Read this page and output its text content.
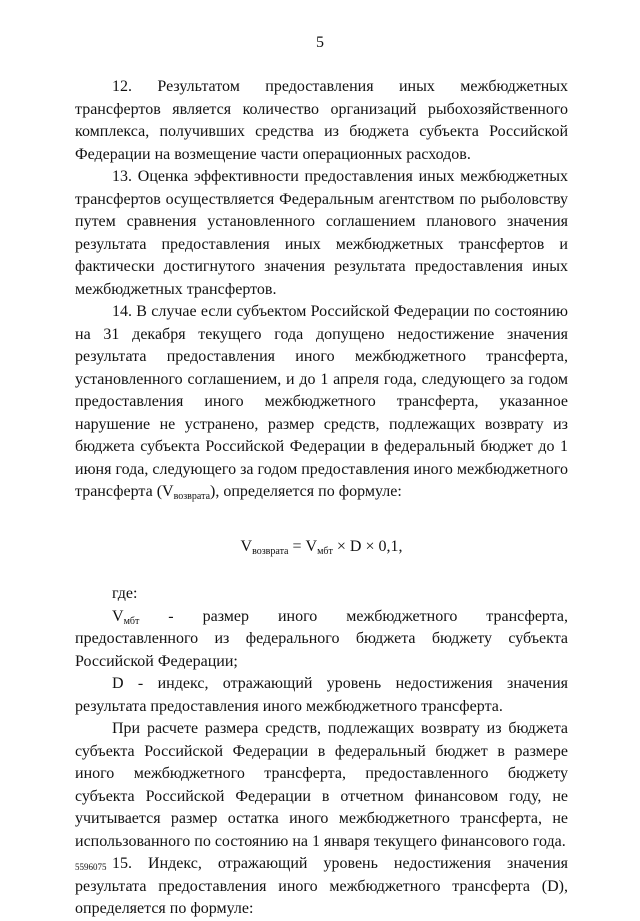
5

12. Результатом предоставления иных межбюджетных трансфертов является количество организаций рыбохозяйственного комплекса, получивших средства из бюджета субъекта Российской Федерации на возмещение части операционных расходов.

13. Оценка эффективности предоставления иных межбюджетных трансфертов осуществляется Федеральным агентством по рыболовству путем сравнения установленного соглашением планового значения результата предоставления иных межбюджетных трансфертов и фактически достигнутого значения результата предоставления иных межбюджетных трансфертов.

14. В случае если субъектом Российской Федерации по состоянию на 31 декабря текущего года допущено недостижение значения результата предоставления иного межбюджетного трансферта, установленного соглашением, и до 1 апреля года, следующего за годом предоставления иного межбюджетного трансферта, указанное нарушение не устранено, размер средств, подлежащих возврату из бюджета субъекта Российской Федерации в федеральный бюджет до 1 июня года, следующего за годом предоставления иного межбюджетного трансферта $(V_{возврата})$, определяется по формуле:

$V_{возврата} = V_{мбт} \times D \times 0,1$,

где:

$V_{мбт}$ - размер иного межбюджетного трансферта, предоставленного из федерального бюджета бюджету субъекта Российской Федерации;

D - индекс, отражающий уровень недостижения значения результата предоставления иного межбюджетного трансферта.

При расчете размера средств, подлежащих возврату из бюджета субъекта Российской Федерации в федеральный бюджет в размере иного межбюджетного трансферта, предоставленного бюджету субъекта Российской Федерации в отчетном финансовом году, не учитывается размер остатка иного межбюджетного трансферта, не использованного по состоянию на 1 января текущего финансового года.

15. Индекс, отражающий уровень недостижения значения результата предоставления иного межбюджетного трансферта (D), определяется по формуле:

5596075
